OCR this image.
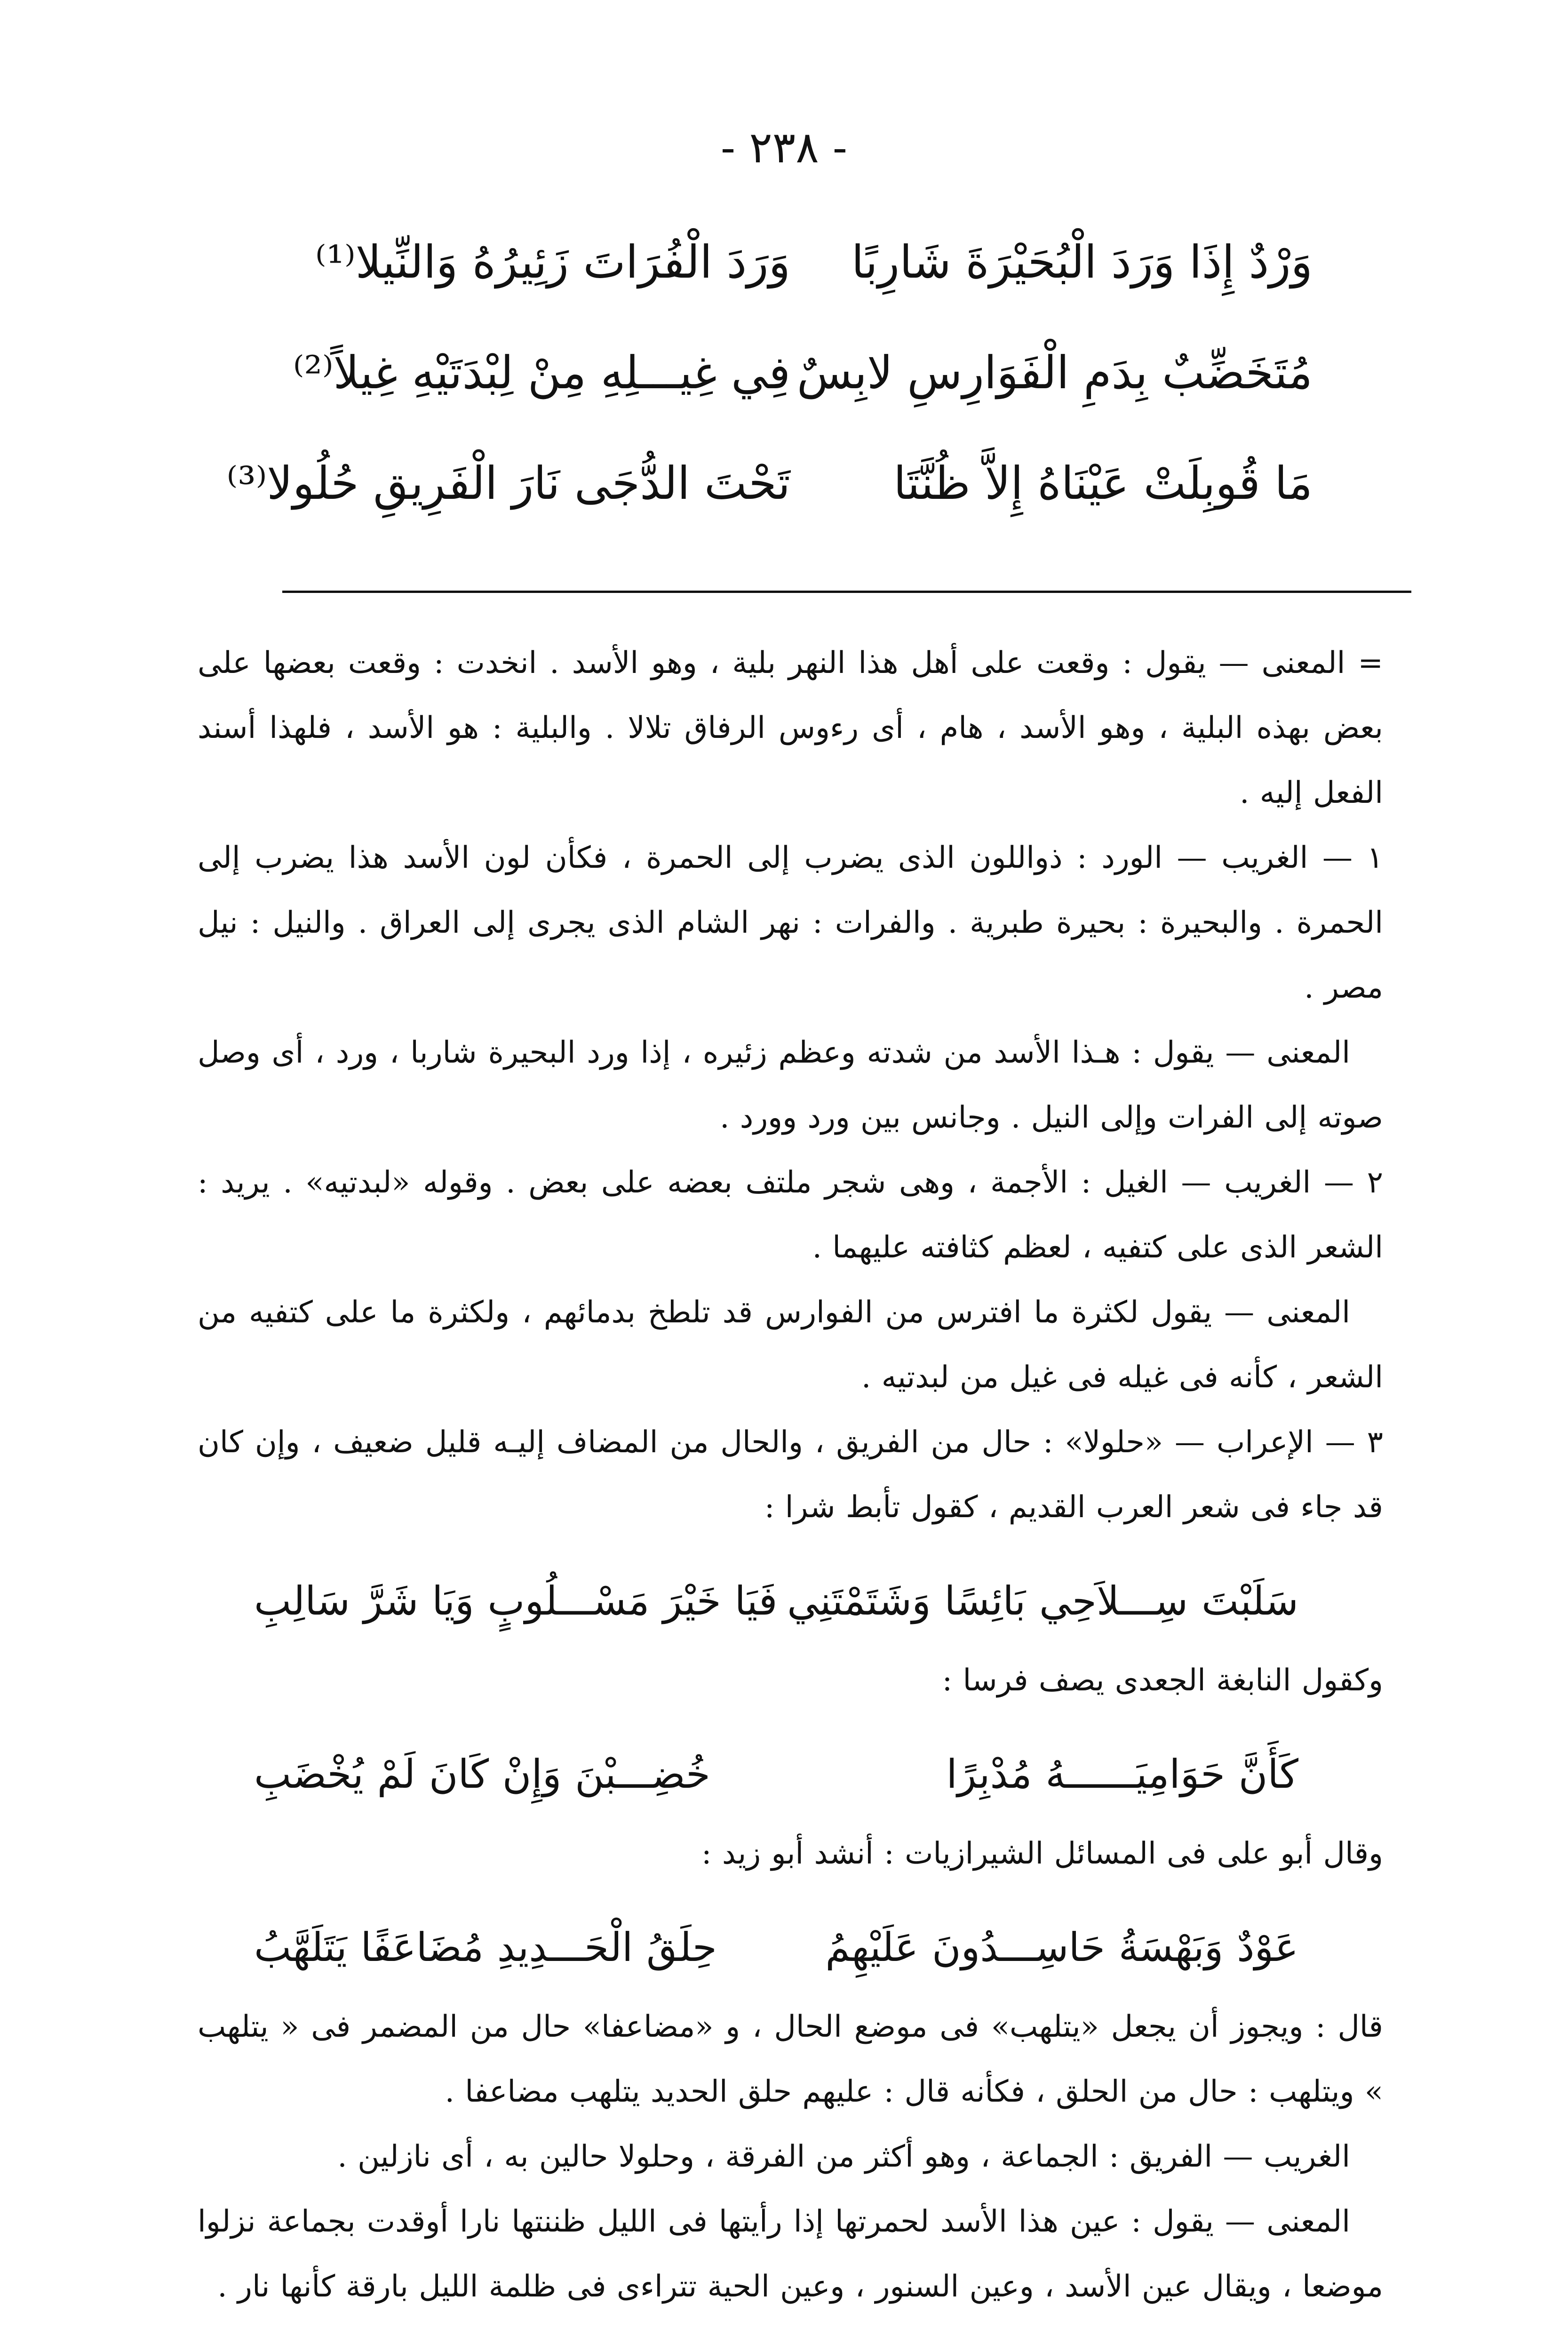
- ٢٣٨ -
وَرْدٌ إِذَا وَرَدَ الْبُحَيْرَةَ شَارِبًا
وَرَدَ الْفُرَاتَ زَئِيرُهُ وَالنِّيلا⁽¹⁾
مُتَخَضِّبٌ بِدَمِ الْفَوَارِسِ لابِسٌ
فِي غِيـــلِهِ مِنْ لِبْدَتَيْهِ غِيلاً⁽²⁾
مَا قُوبِلَتْ عَيْنَاهُ إِلاَّ ظُنَّتَا
تَحْتَ الدُّجَى نَارَ الْفَرِيقِ حُلُولا⁽³⁾

= المعنى — يقول : وقعت على أهل هذا النهر بلية ، وهو الأسد . انخدت : وقعت بعضها على بعض بهذه البلية ، وهو الأسد ، هام ، أى رءوس الرفاق تلالا . والبلية : هو الأسد ، فلهذا أسند الفعل إليه .

١ — الغريب — الورد : ذواللون الذى يضرب إلى الحمرة ، فكأن لون الأسد هذا يضرب إلى الحمرة . والبحيرة : بحيرة طبرية . والفرات : نهر الشام الذى يجرى إلى العراق . والنيل : نيل مصر .

المعنى — يقول : هـذا الأسد من شدته وعظم زئيره ، إذا ورد البحيرة شاربا ، ورد ، أى وصل صوته إلى الفرات وإلى النيل . وجانس بين ورد وورد .

٢ — الغريب — الغيل : الأجمة ، وهى شجر ملتف بعضه على بعض . وقوله «لبدتيه» . يريد : الشعر الذى على كتفيه ، لعظم كثافته عليهما .

المعنى — يقول لكثرة ما افترس من الفوارس قد تلطخ بدمائهم ، ولكثرة ما على كتفيه من الشعر ، كأنه فى غيله فى غيل من لبدتيه .

٣ — الإعراب — «حلولا» : حال من الفريق ، والحال من المضاف إليـه قليل ضعيف ، وإن كان قد جاء فى شعر العرب القديم ، كقول تأبط شرا :

سَلَبْتَ سِـــلاَحِي بَائِسًا وَشَتَمْتَنِي
فَيَا خَيْرَ مَسْـــلُوبٍ وَيَا شَرَّ سَالِبِ

وكقول النابغة الجعدى يصف فرسا :

كَأَنَّ حَوَامِيَــــــهُ مُدْبِرًا
خُضِـــبْنَ وَإِنْ كَانَ لَمْ يُخْضَبِ

وقال أبو على فى المسائل الشيرازيات : أنشد أبو زيد :

عَوْدٌ وَبَهْسَةُ حَاسِـــدُونَ عَلَيْهِمُ
حِلَقُ الْحَـــدِيدِ مُضَاعَفًا يَتَلَهَّبُ

قال : ويجوز أن يجعل «يتلهب» فى موضع الحال ، و «مضاعفا» حال من المضمر فى « يتلهب » ويتلهب : حال من الحلق ، فكأنه قال : عليهم حلق الحديد يتلهب مضاعفا .

الغريب — الفريق : الجماعة ، وهو أكثر من الفرقة ، وحلولا حالين به ، أى نازلين .

المعنى — يقول : عين هذا الأسد لحمرتها إذا رأيتها فى الليل ظننتها نارا أوقدت بجماعة نزلوا موضعا ، ويقال عين الأسد ، وعين السنور ، وعين الحية تتراءى فى ظلمة الليل بارقة كأنها نار .
